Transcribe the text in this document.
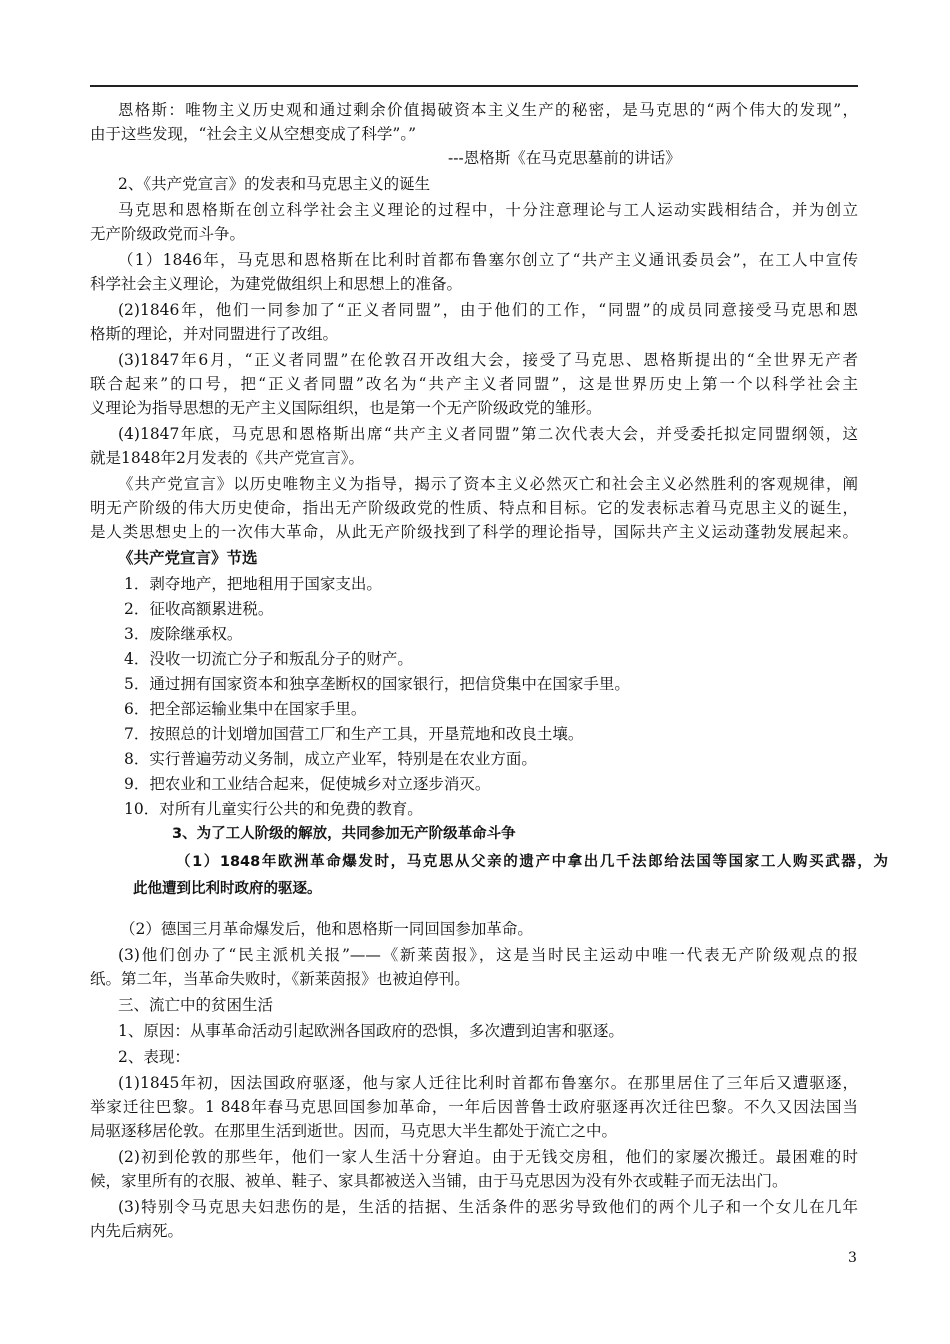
恩格斯：唯物主义历史观和通过剩余价值揭破资本主义生产的秘密，是马克思的“两个伟大的发现”，
由于这些发现，“社会主义从空想变成了科学”。”
---恩格斯《在马克思墓前的讲话》
2、《共产党宣言》的发表和马克思主义的诞生
马克思和恩格斯在创立科学社会主义理论的过程中，十分注意理论与工人运动实践相结合，并为创立
无产阶级政党而斗争。
（1）1846年，马克思和恩格斯在比利时首都布鲁塞尔创立了“共产主义通讯委员会”，在工人中宣传
科学社会主义理论，为建党做组织上和思想上的准备。
(2)1846年，他们一同参加了“正义者同盟”，由于他们的工作，“同盟”的成员同意接受马克思和恩
格斯的理论，并对同盟进行了改组。
(3)1847年6月，“正义者同盟”在伦敦召开改组大会，接受了马克思、恩格斯提出的“全世界无产者
联合起来”的口号，把“正义者同盟”改名为“共产主义者同盟”，这是世界历史上第一个以科学社会主
义理论为指导思想的无产主义国际组织，也是第一个无产阶级政党的雏形。
(4)1847年底，马克思和恩格斯出席“共产主义者同盟”第二次代表大会，并受委托拟定同盟纲领，这
就是1848年2月发表的《共产党宣言》。
《共产党宣言》以历史唯物主义为指导，揭示了资本主义必然灭亡和社会主义必然胜利的客观规律，阐
明无产阶级的伟大历史使命，指出无产阶级政党的性质、特点和目标。它的发表标志着马克思主义的诞生，
是人类思想史上的一次伟大革命，从此无产阶级找到了科学的理论指导，国际共产主义运动蓬勃发展起来。
《共产党宣言》节选
1．剥夺地产，把地租用于国家支出。
2．征收高额累进税。
3．废除继承权。
4．没收一切流亡分子和叛乱分子的财产。
5．通过拥有国家资本和独享垄断权的国家银行，把信贷集中在国家手里。
6．把全部运输业集中在国家手里。
7．按照总的计划增加国营工厂和生产工具，开垦荒地和改良土壤。
8．实行普遍劳动义务制，成立产业军，特别是在农业方面。
9．把农业和工业结合起来，促使城乡对立逐步消灭。
10．对所有儿童实行公共的和免费的教育。
3、为了工人阶级的解放，共同参加无产阶级革命斗争
（1）1848年欧洲革命爆发时，马克思从父亲的遗产中拿出几千法郎给法国等国家工人购买武器，为
此他遭到比利时政府的驱逐。
（2）德国三月革命爆发后，他和恩格斯一同回国参加革命。
(3)他们创办了“民主派机关报”——《新莱茵报》，这是当时民主运动中唯一代表无产阶级观点的报
纸。第二年，当革命失败时，《新莱茵报》也被迫停刊。
三、流亡中的贫困生活
1、原因：从事革命活动引起欧洲各国政府的恐惧，多次遭到迫害和驱逐。
2、表现：
(1)1845年初，因法国政府驱逐，他与家人迁往比利时首都布鲁塞尔。在那里居住了三年后又遭驱逐，
举家迁往巴黎。1 848年春马克思回国参加革命，一年后因普鲁士政府驱逐再次迁往巴黎。不久又因法国当
局驱逐移居伦敦。在那里生活到逝世。因而，马克思大半生都处于流亡之中。
(2)初到伦敦的那些年，他们一家人生活十分窘迫。由于无钱交房租，他们的家屡次搬迁。最困难的时
候，家里所有的衣服、被单、鞋子、家具都被送入当铺，由于马克思因为没有外衣或鞋子而无法出门。
(3)特别令马克思夫妇悲伤的是，生活的拮据、生活条件的恶劣导致他们的两个儿子和一个女儿在几年
内先后病死。
3
